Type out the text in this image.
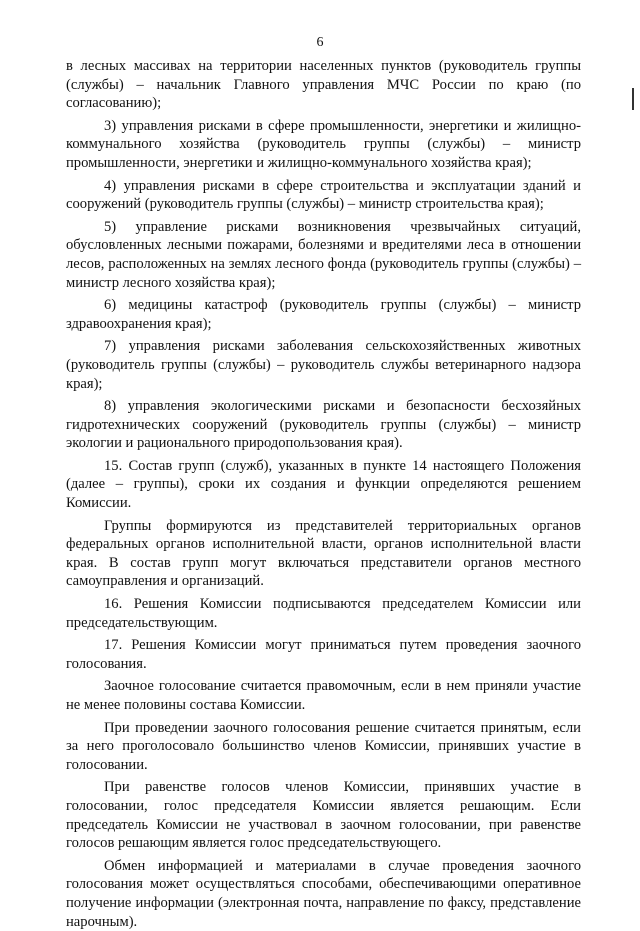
6

в лесных массивах на территории населенных пунктов (руководитель группы (службы) – начальник Главного управления МЧС России по краю (по согласованию);

3) управления рисками в сфере промышленности, энергетики и жилищно-коммунального хозяйства (руководитель группы (службы) – министр промышленности, энергетики и жилищно-коммунального хозяйства края);

4) управления рисками в сфере строительства и эксплуатации зданий и сооружений (руководитель группы (службы) – министр строительства края);

5) управление рисками возникновения чрезвычайных ситуаций, обусловленных лесными пожарами, болезнями и вредителями леса в отношении лесов, расположенных на землях лесного фонда (руководитель группы (службы) – министр лесного хозяйства края);

6) медицины катастроф (руководитель группы (службы) – министр здравоохранения края);

7) управления рисками заболевания сельскохозяйственных животных (руководитель группы (службы) – руководитель службы ветеринарного надзора края);

8) управления экологическими рисками и безопасности бесхозяйных гидротехнических сооружений (руководитель группы (службы) – министр экологии и рационального природопользования края).

15. Состав групп (служб), указанных в пункте 14 настоящего Положения (далее – группы), сроки их создания и функции определяются решением Комиссии.

Группы формируются из представителей территориальных органов федеральных органов исполнительной власти, органов исполнительной власти края. В состав групп могут включаться представители органов местного самоуправления и организаций.

16. Решения Комиссии подписываются председателем Комиссии или председательствующим.

17. Решения Комиссии могут приниматься путем проведения заочного голосования.

Заочное голосование считается правомочным, если в нем приняли участие не менее половины состава Комиссии.

При проведении заочного голосования решение считается принятым, если за него проголосовало большинство членов Комиссии, принявших участие в голосовании.

При равенстве голосов членов Комиссии, принявших участие в голосовании, голос председателя Комиссии является решающим. Если председатель Комиссии не участвовал в заочном голосовании, при равенстве голосов решающим является голос председательствующего.

Обмен информацией и материалами в случае проведения заочного голосования может осуществляться способами, обеспечивающими оперативное получение информации (электронная почта, направление по факсу, представление нарочным).
